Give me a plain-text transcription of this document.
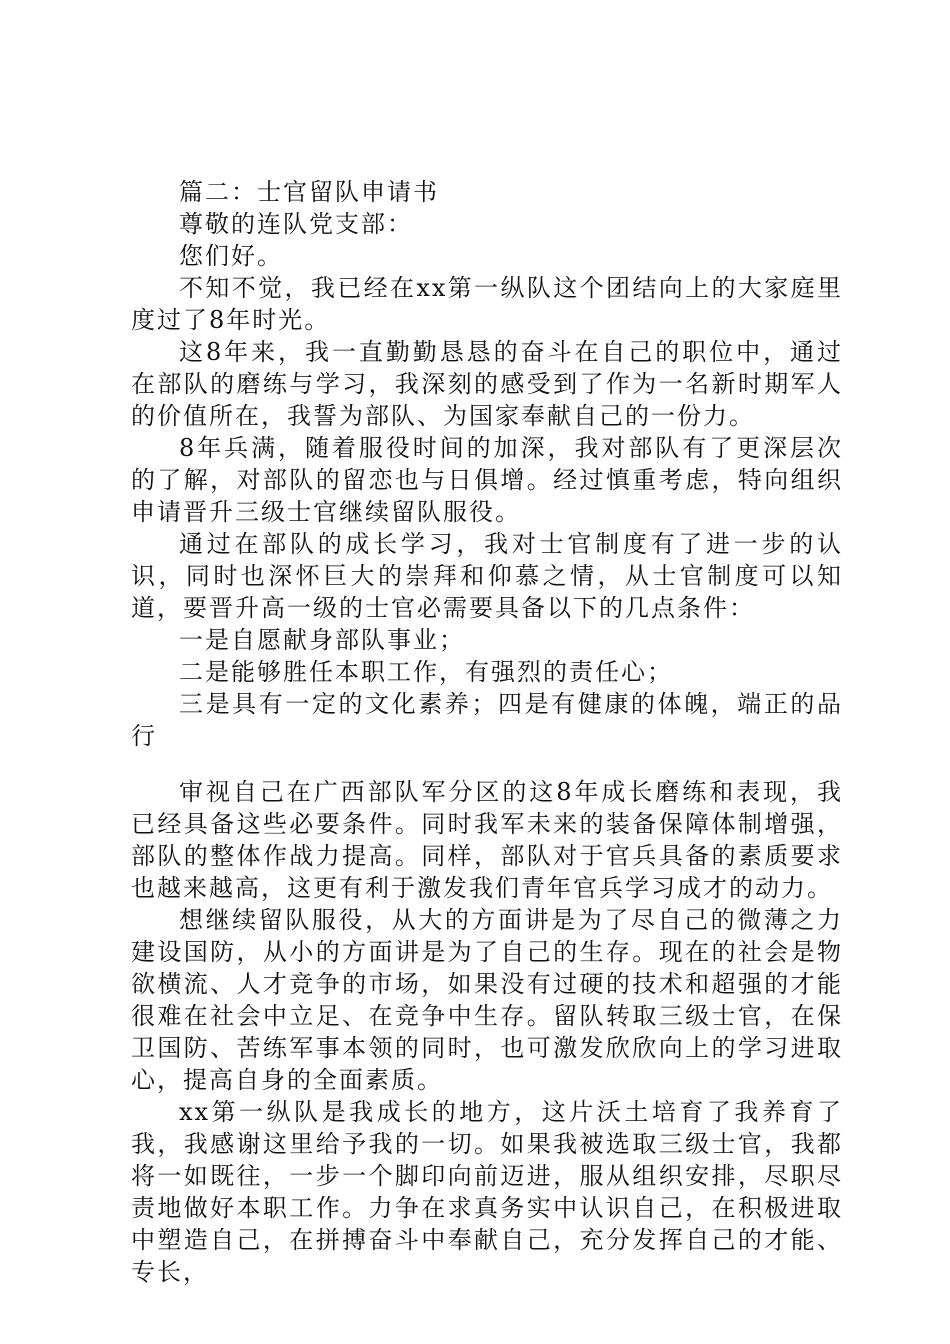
篇二：士官留队申请书

尊敬的连队党支部：

您们好。

不知不觉，我已经在xx第一纵队这个团结向上的大家庭里度过了8年时光。

这8年来，我一直勤勤恳恳的奋斗在自己的职位中，通过在部队的磨练与学习，我深刻的感受到了作为一名新时期军人的价值所在，我誓为部队、为国家奉献自己的一份力。

8年兵满，随着服役时间的加深，我对部队有了更深层次的了解，对部队的留恋也与日俱增。经过慎重考虑，特向组织申请晋升三级士官继续留队服役。

通过在部队的成长学习，我对士官制度有了进一步的认识，同时也深怀巨大的崇拜和仰慕之情，从士官制度可以知道，要晋升高一级的士官必需要具备以下的几点条件：

一是自愿献身部队事业；

二是能够胜任本职工作，有强烈的责任心；

三是具有一定的文化素养；四是有健康的体魄，端正的品行

审视自己在广西部队军分区的这8年成长磨练和表现，我已经具备这些必要条件。同时我军未来的装备保障体制增强，部队的整体作战力提高。同样，部队对于官兵具备的素质要求也越来越高，这更有利于激发我们青年官兵学习成才的动力。

想继续留队服役，从大的方面讲是为了尽自己的微薄之力建设国防，从小的方面讲是为了自己的生存。现在的社会是物欲横流、人才竞争的市场，如果没有过硬的技术和超强的才能很难在社会中立足、在竞争中生存。留队转取三级士官，在保卫国防、苦练军事本领的同时，也可激发欣欣向上的学习进取心，提高自身的全面素质。

xx第一纵队是我成长的地方，这片沃土培育了我养育了我，我感谢这里给予我的一切。如果我被选取三级士官，我都将一如既往，一步一个脚印向前迈进，服从组织安排，尽职尽责地做好本职工作。力争在求真务实中认识自己，在积极进取中塑造自己，在拼搏奋斗中奉献自己，充分发挥自己的才能、专长，
